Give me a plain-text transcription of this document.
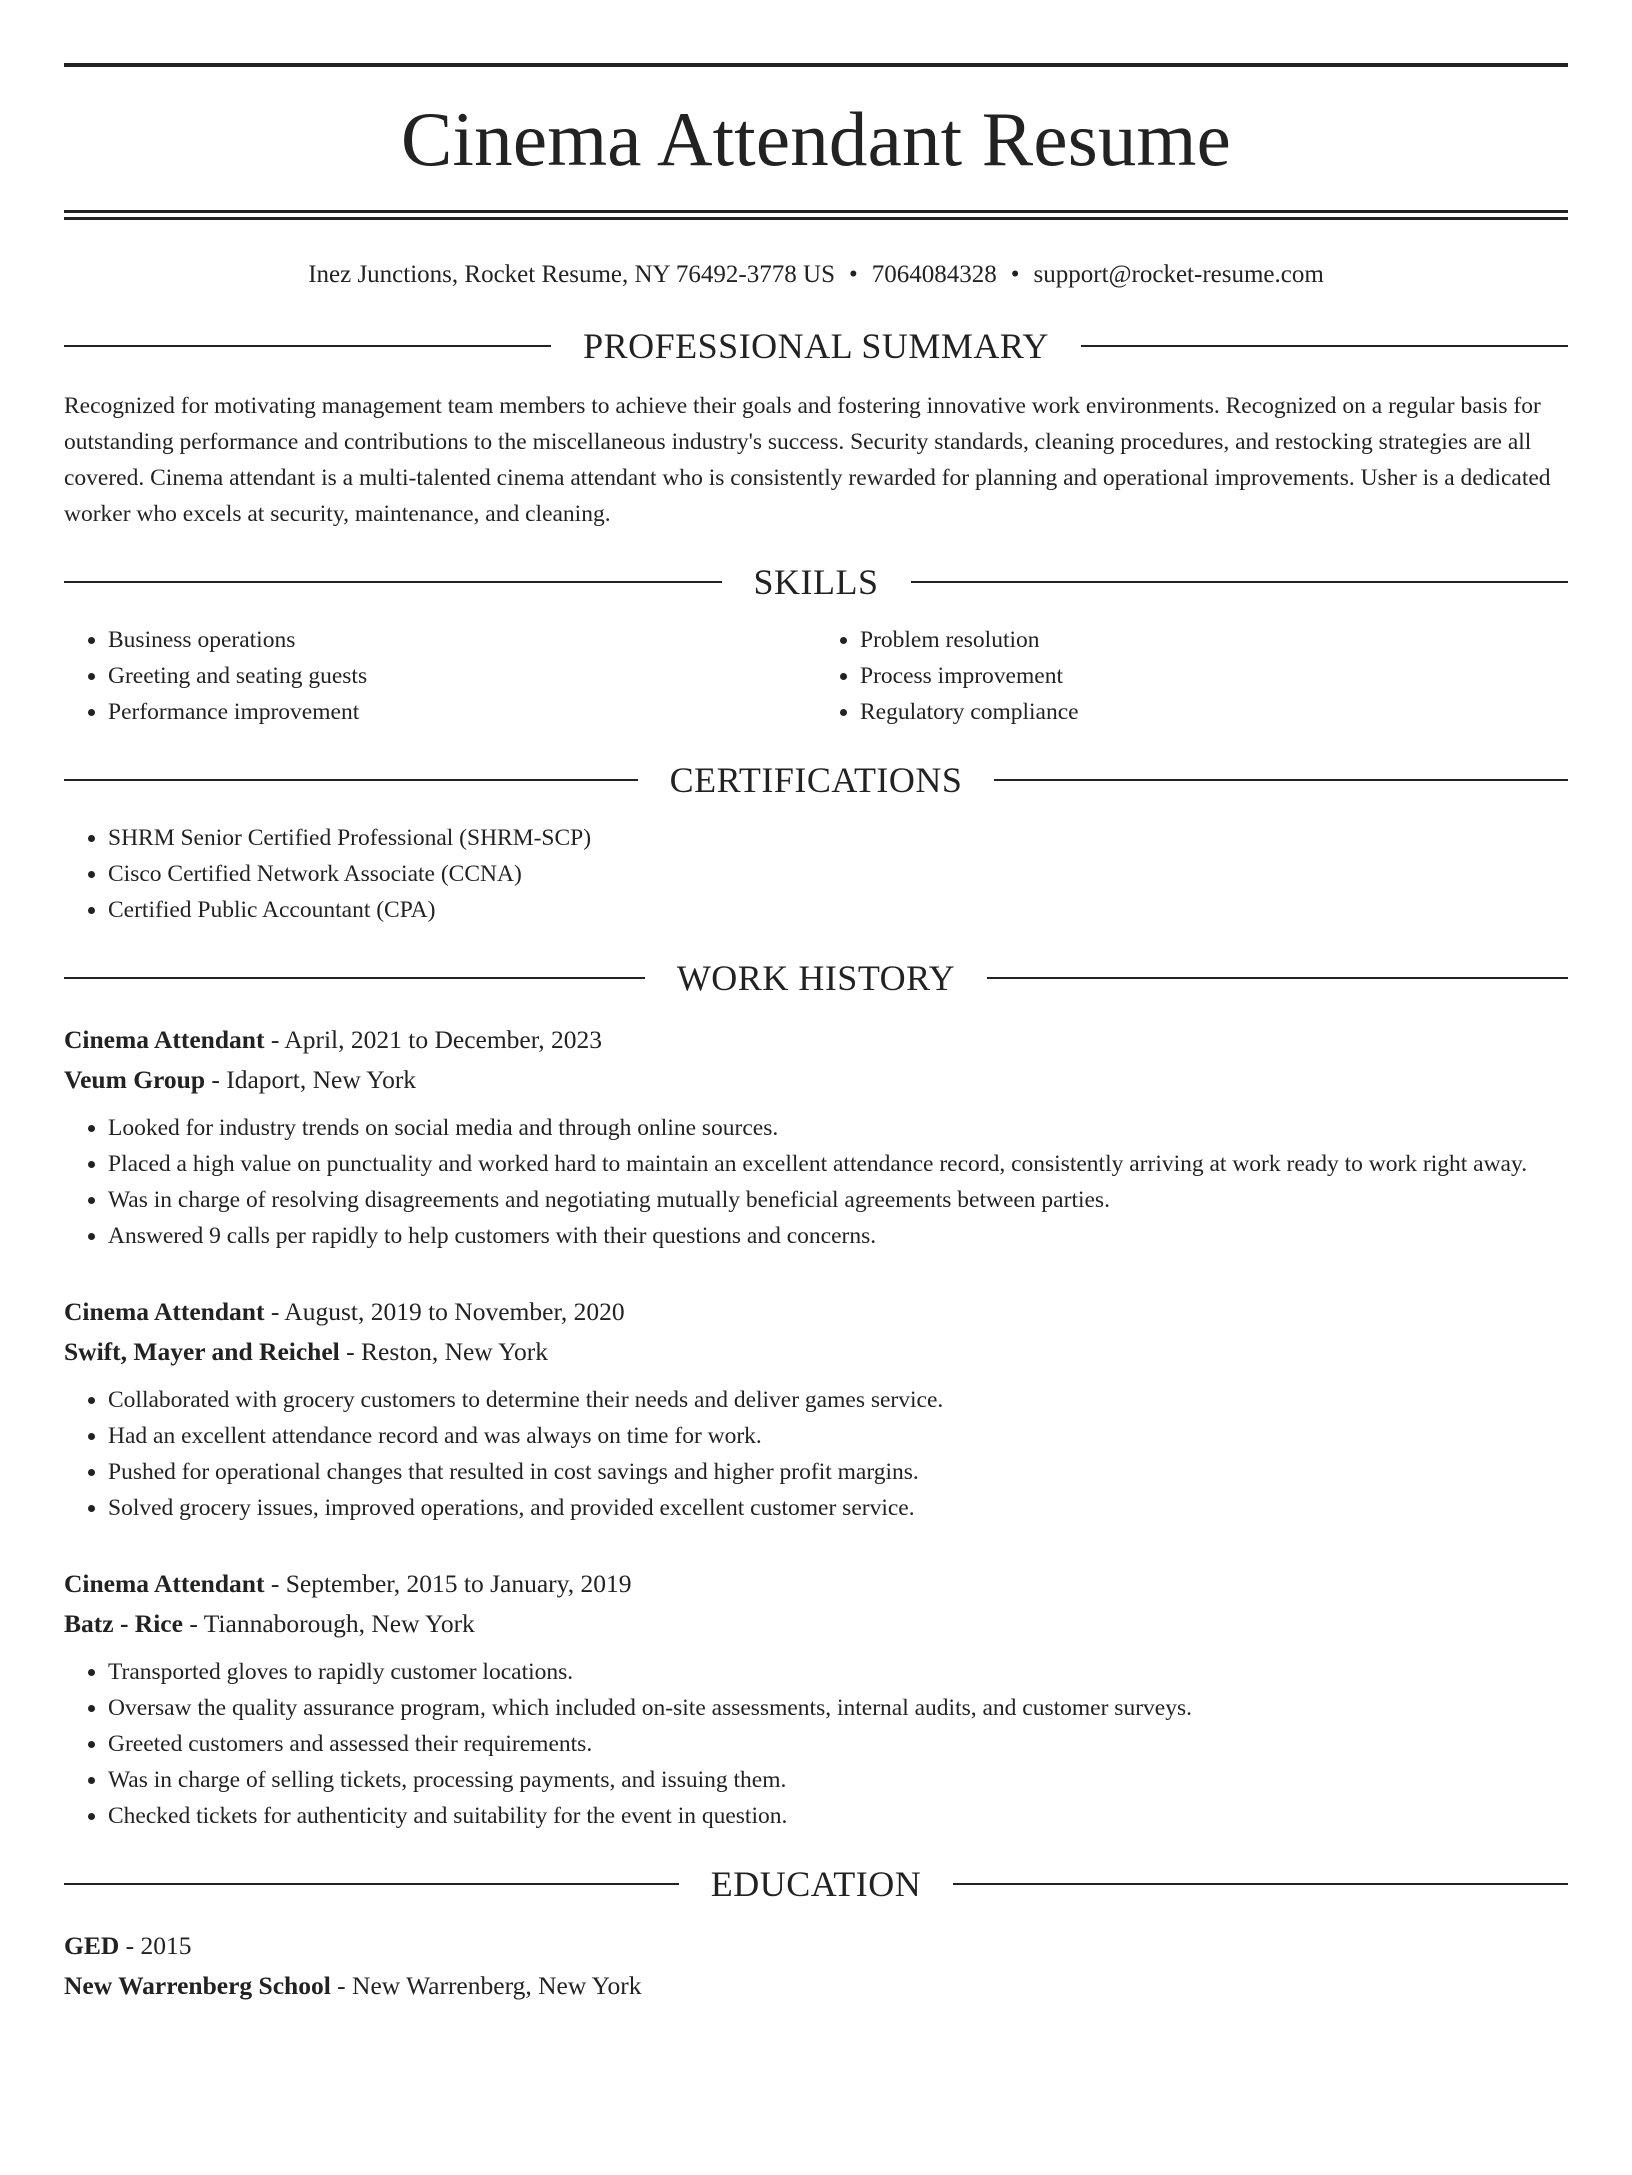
Cinema Attendant Resume
Inez Junctions, Rocket Resume, NY 76492-3778 US • 7064084328 • support@rocket-resume.com
PROFESSIONAL SUMMARY
Recognized for motivating management team members to achieve their goals and fostering innovative work environments. Recognized on a regular basis for outstanding performance and contributions to the miscellaneous industry's success. Security standards, cleaning procedures, and restocking strategies are all covered. Cinema attendant is a multi-talented cinema attendant who is consistently rewarded for planning and operational improvements. Usher is a dedicated worker who excels at security, maintenance, and cleaning.
SKILLS
• Business operations
• Greeting and seating guests
• Performance improvement
• Problem resolution
• Process improvement
• Regulatory compliance
CERTIFICATIONS
• SHRM Senior Certified Professional (SHRM-SCP)
• Cisco Certified Network Associate (CCNA)
• Certified Public Accountant (CPA)
WORK HISTORY
Cinema Attendant - April, 2021 to December, 2023
Veum Group - Idaport, New York
• Looked for industry trends on social media and through online sources.
• Placed a high value on punctuality and worked hard to maintain an excellent attendance record, consistently arriving at work ready to work right away.
• Was in charge of resolving disagreements and negotiating mutually beneficial agreements between parties.
• Answered 9 calls per rapidly to help customers with their questions and concerns.
Cinema Attendant - August, 2019 to November, 2020
Swift, Mayer and Reichel - Reston, New York
• Collaborated with grocery customers to determine their needs and deliver games service.
• Had an excellent attendance record and was always on time for work.
• Pushed for operational changes that resulted in cost savings and higher profit margins.
• Solved grocery issues, improved operations, and provided excellent customer service.
Cinema Attendant - September, 2015 to January, 2019
Batz - Rice - Tiannaborough, New York
• Transported gloves to rapidly customer locations.
• Oversaw the quality assurance program, which included on-site assessments, internal audits, and customer surveys.
• Greeted customers and assessed their requirements.
• Was in charge of selling tickets, processing payments, and issuing them.
• Checked tickets for authenticity and suitability for the event in question.
EDUCATION
GED - 2015
New Warrenberg School - New Warrenberg, New York
